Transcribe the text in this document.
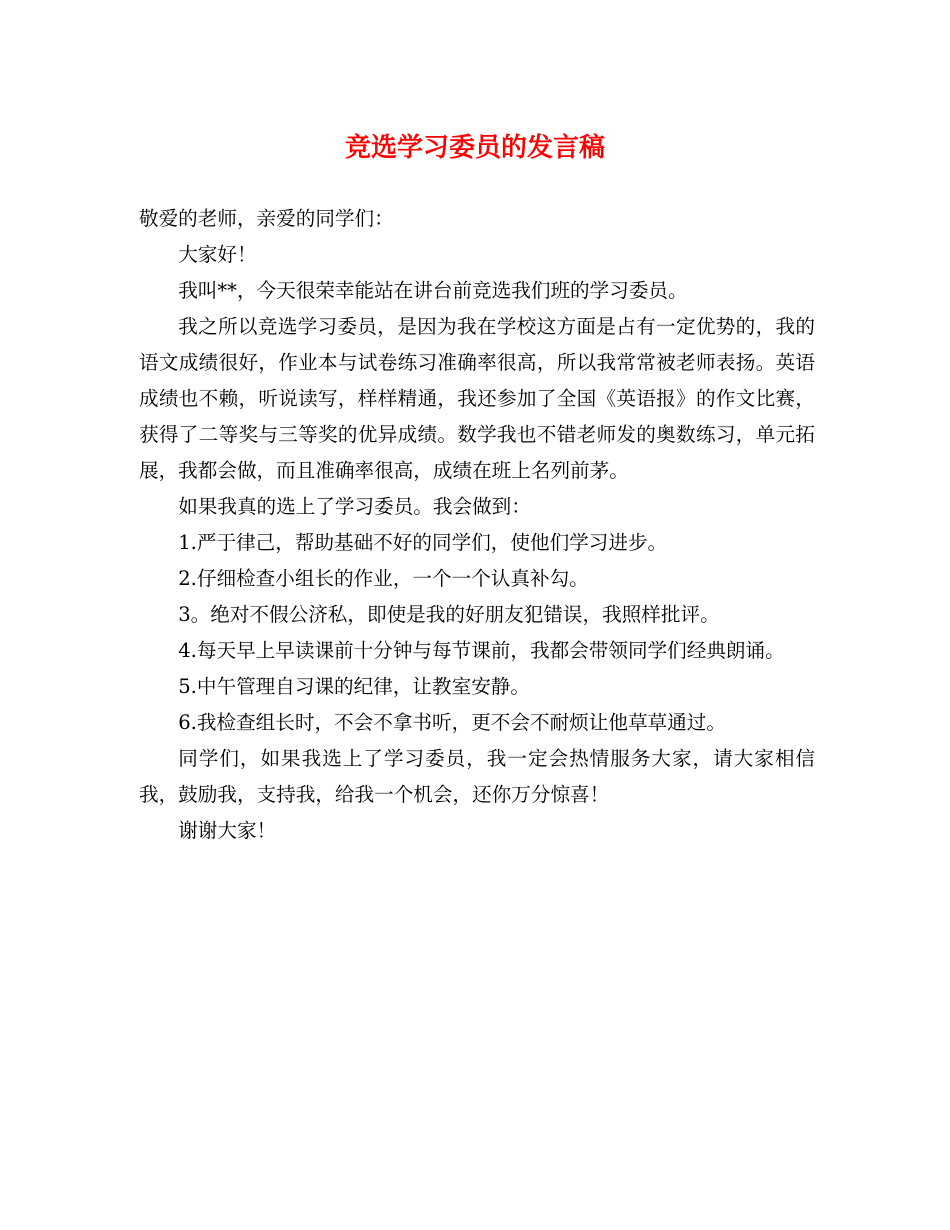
竞选学习委员的发言稿

敬爱的老师，亲爱的同学们：

大家好！

我叫**，今天很荣幸能站在讲台前竞选我们班的学习委员。

我之所以竞选学习委员，是因为我在学校这方面是占有一定优势的，我的语文成绩很好，作业本与试卷练习准确率很高，所以我常常被老师表扬。英语成绩也不赖，听说读写，样样精通，我还参加了全国《英语报》的作文比赛，获得了二等奖与三等奖的优异成绩。数学我也不错老师发的奥数练习，单元拓展，我都会做，而且准确率很高，成绩在班上名列前茅。

如果我真的选上了学习委员。我会做到：

1.严于律己，帮助基础不好的同学们，使他们学习进步。

2.仔细检查小组长的作业，一个一个认真补勾。

3。绝对不假公济私，即使是我的好朋友犯错误，我照样批评。

4.每天早上早读课前十分钟与每节课前，我都会带领同学们经典朗诵。

5.中午管理自习课的纪律，让教室安静。

6.我检查组长时，不会不拿书听，更不会不耐烦让他草草通过。

同学们，如果我选上了学习委员，我一定会热情服务大家，请大家相信我，鼓励我，支持我，给我一个机会，还你万分惊喜！

谢谢大家！
